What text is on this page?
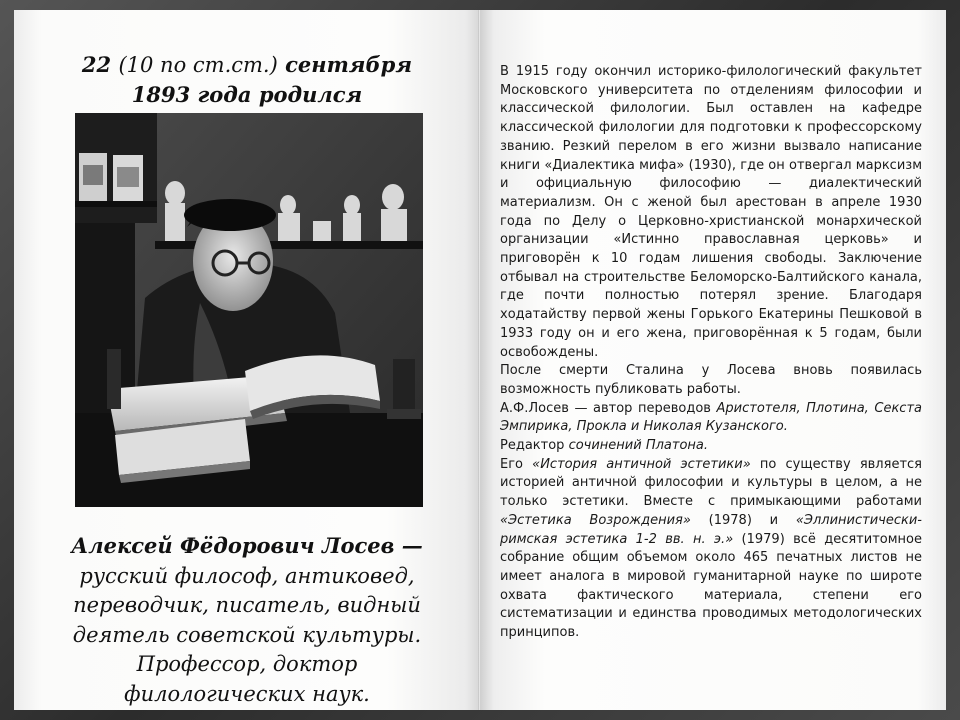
22 (10 по ст.ст.) сентября
1893 года родился
Алексей Фёдорович Лосев —
русский философ, антиковед,
переводчик, писатель, видный
деятель советской культуры.
Профессор, доктор
филологических наук.

В 1915 году окончил историко-филологический факультет Московского университета по отделениям философии и классической филологии. Был оставлен на кафедре классической филологии для подготовки к профессорскому званию. Резкий перелом в его жизни вызвало написание книги «Диалектика мифа» (1930), где он отвергал марксизм и официальную философию — диалектический материализм. Он с женой был арестован в апреле 1930 года по Делу о Церковно-христианской монархической организации «Истинно православная церковь» и приговорён к 10 годам лишения свободы. Заключение отбывал на строительстве Беломорско-Балтийского канала, где почти полностью потерял зрение. Благодаря ходатайству первой жены Горького Екатерины Пешковой в 1933 году он и его жена, приговорённая к 5 годам, были освобождены.

После смерти Сталина у Лосева вновь появилась возможность публиковать работы.

А.Ф.Лосев — автор переводов Аристотеля, Плотина, Секста Эмпирика, Прокла и Николая Кузанского.

Редактор сочинений Платона.

Его «История античной эстетики» по существу является историей античной философии и культуры в целом, а не только эстетики. Вместе с примыкающими работами «Эстетика Возрождения» (1978) и «Эллинистически-римская эстетика 1-2 вв. н. э.» (1979) всё десятитомное собрание общим объемом около 465 печатных листов не имеет аналога в мировой гуманитарной науке по широте охвата фактического материала, степени его систематизации и единства проводимых методологических принципов.
